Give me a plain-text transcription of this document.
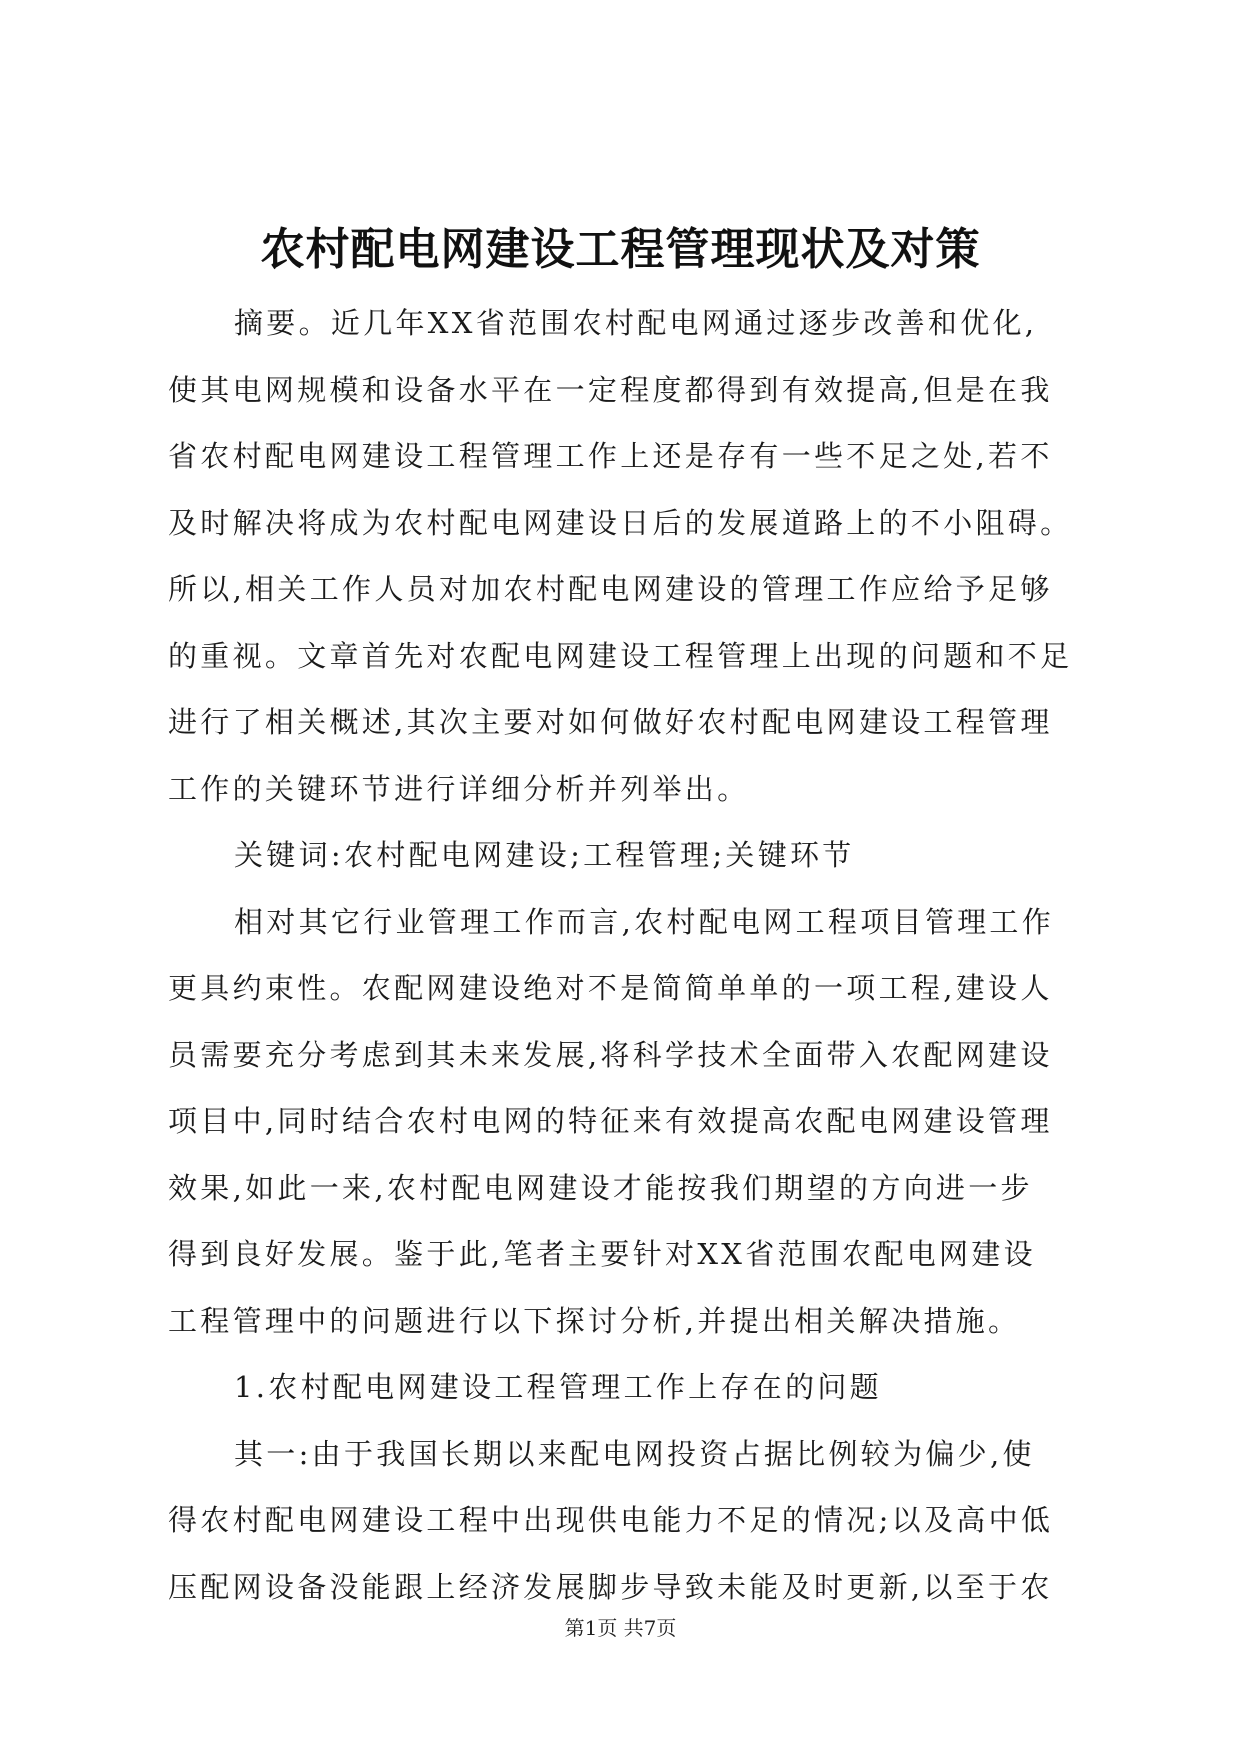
农村配电网建设工程管理现状及对策
摘要。近几年XX省范围农村配电网通过逐步改善和优化,
使其电网规模和设备水平在一定程度都得到有效提高,但是在我
省农村配电网建设工程管理工作上还是存有一些不足之处,若不
及时解决将成为农村配电网建设日后的发展道路上的不小阻碍。
所以,相关工作人员对加农村配电网建设的管理工作应给予足够
的重视。文章首先对农配电网建设工程管理上出现的问题和不足
进行了相关概述,其次主要对如何做好农村配电网建设工程管理
工作的关键环节进行详细分析并列举出。
关键词:农村配电网建设;工程管理;关键环节
相对其它行业管理工作而言,农村配电网工程项目管理工作
更具约束性。农配网建设绝对不是简简单单的一项工程,建设人
员需要充分考虑到其未来发展,将科学技术全面带入农配网建设
项目中,同时结合农村电网的特征来有效提高农配电网建设管理
效果,如此一来,农村配电网建设才能按我们期望的方向进一步
得到良好发展。鉴于此,笔者主要针对XX省范围农配电网建设
工程管理中的问题进行以下探讨分析,并提出相关解决措施。
1.农村配电网建设工程管理工作上存在的问题
其一:由于我国长期以来配电网投资占据比例较为偏少,使
得农村配电网建设工程中出现供电能力不足的情况;以及高中低
压配网设备没能跟上经济发展脚步导致未能及时更新,以至于农
第1页 共7页
